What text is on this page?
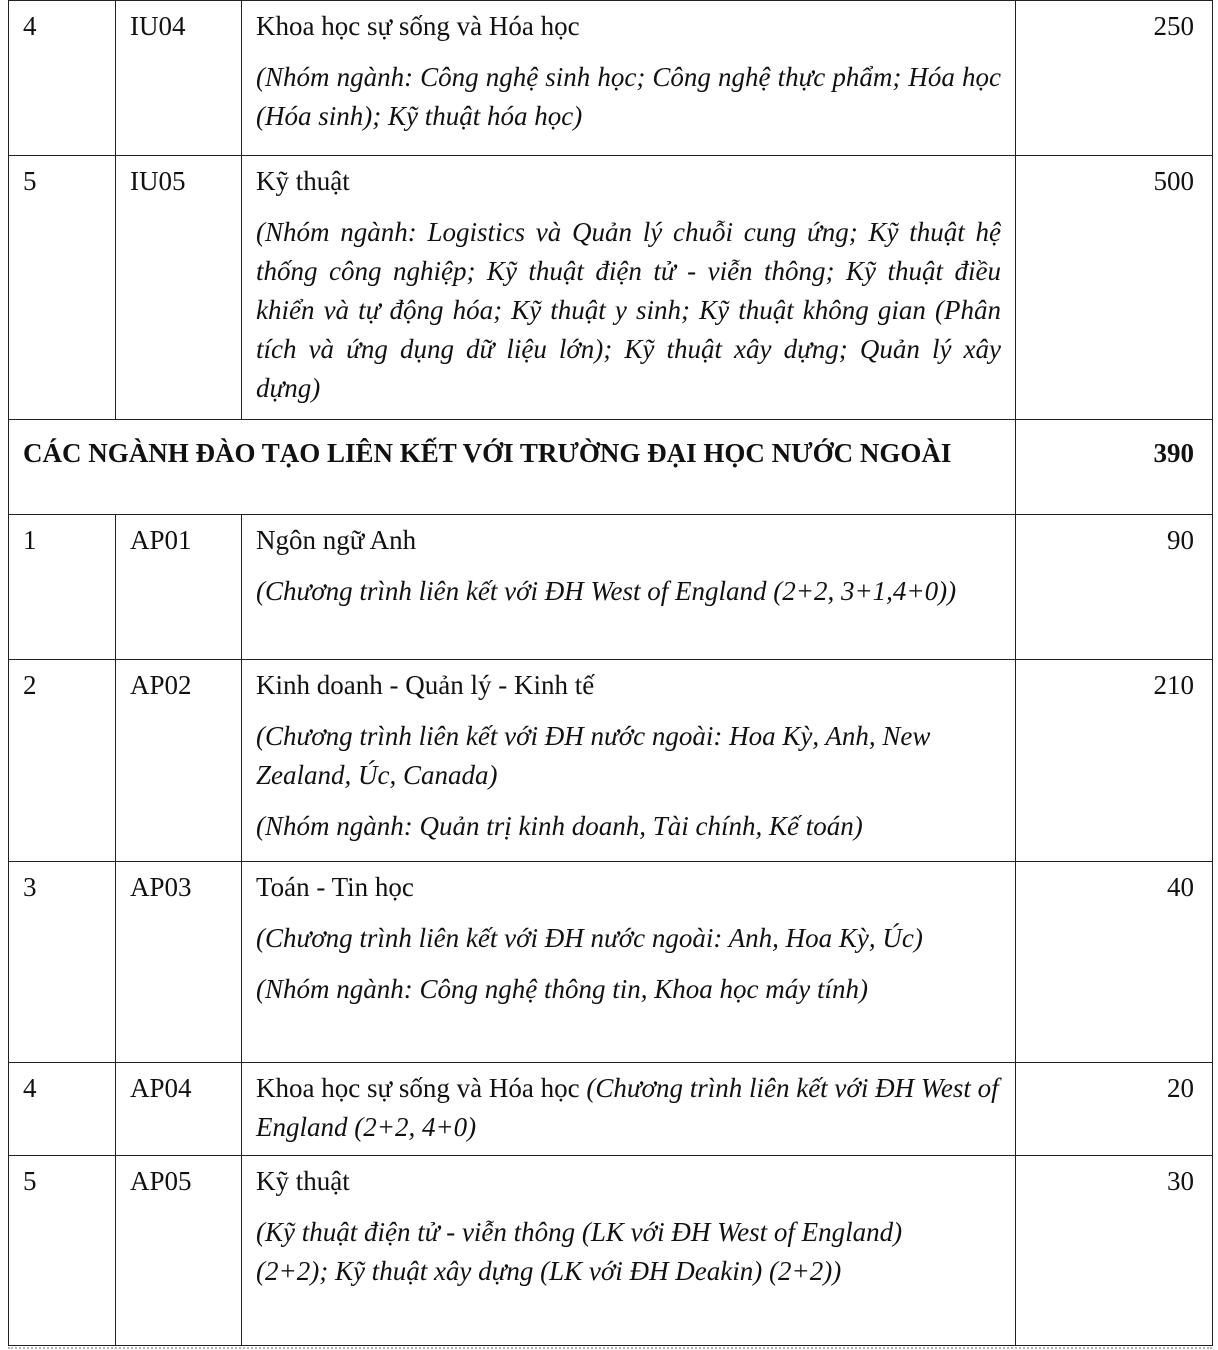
4	IU04	Khoa học sự sống và Hóa học

(Nhóm ngành: Công nghệ sinh học; Công nghệ thực phẩm; Hóa học (Hóa sinh); Kỹ thuật hóa học)	250
5	IU05	Kỹ thuật

(Nhóm ngành: Logistics và Quản lý chuỗi cung ứng; Kỹ thuật hệ thống công nghiệp; Kỹ thuật điện tử - viễn thông; Kỹ thuật điều khiển và tự động hóa; Kỹ thuật y sinh; Kỹ thuật không gian (Phân tích và ứng dụng dữ liệu lớn); Kỹ thuật xây dựng; Quản lý xây dựng)	500
CÁC NGÀNH ĐÀO TẠO LIÊN KẾT VỚI TRƯỜNG ĐẠI HỌC NƯỚC NGOÀI			390
1	AP01	Ngôn ngữ Anh

(Chương trình liên kết với ĐH West of England (2+2, 3+1,4+0))	90
2	AP02	Kinh doanh - Quản lý - Kinh tế

(Chương trình liên kết với ĐH nước ngoài: Hoa Kỳ, Anh, New Zealand, Úc, Canada)

(Nhóm ngành: Quản trị kinh doanh, Tài chính, Kế toán)	210
3	AP03	Toán - Tin học

(Chương trình liên kết với ĐH nước ngoài: Anh, Hoa Kỳ, Úc)

(Nhóm ngành: Công nghệ thông tin, Khoa học máy tính)	40
4	AP04	Khoa học sự sống và Hóa học (Chương trình liên kết với ĐH West of England (2+2, 4+0)	20
5	AP05	Kỹ thuật

(Kỹ thuật điện tử - viễn thông (LK với ĐH West of England) (2+2); Kỹ thuật xây dựng (LK với ĐH Deakin) (2+2))	30
